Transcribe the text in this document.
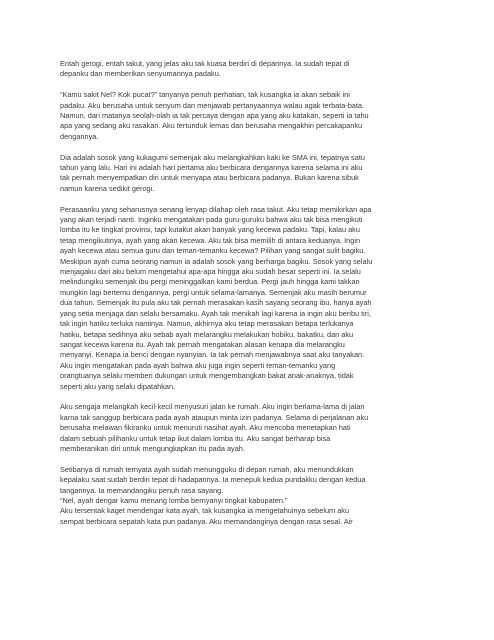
Entah gerogi, entah takut, yang jelas aku tak kuasa berdiri di depannya. Ia sudah tepat di
depanku dan memberikan senyumannya padaku.

“Kamu sakit Nel? Kok pucat?” tanyanya penuh perhatian, tak kusangka ia akan sebaik ini
padaku. Aku berusaha untuk senyum dan menjawab pertanyaannya walau agak terbata-bata.
Namun, dari matanya seolah-olah ia tak percaya dengan apa yang aku katakan, seperti ia tahu
apa yang sedang aku rasakan. Aku tertunduk lemas dan berusaha mengakhiri percakapanku
dengannya.

Dia adalah sosok yang kukagumi semenjak aku melangkahkan kaki ke SMA ini, tepatnya satu
tahun yang lalu. Hari ini adalah hari pertama aku berbicara dengannya karena selama ini aku
tak pernah menyempatkan diri untuk menyapa atau berbicara padanya. Bukan karena sibuk
namun karena sedikit gerogi.

Perasaanku yang seharusnya senang lenyap dilahap oleh rasa takut. Aku tetap memikirkan apa
yang akan terjadi nanti. Inginku mengatakan pada guru-guruku bahwa aku tak bisa mengikuti
lomba itu ke tingkat provinsi, tapi kutakut akan banyak yang kecewa padaku. Tapi, kalau aku
tetap mengikutinya, ayah yang akan kecewa. Aku tak bisa memilih di antara keduanya. Ingin
ayah kecewa atau semua guru dan teman-temanku kecewa? Pilihan yang sangat sulit bagiku.
Meskipun ayah cuma seorang namun ia adalah sosok yang berharga bagiku. Sosok yang selalu
menjagaku dari aku belum mengetahui apa-apa hingga aku sudah besar seperti ini. Ia selalu
melindungiku semenjak ibu pergi meninggalkan kami berdua. Pergi jauh hingga kami takkan
mungkin lagi bertemu dengannya, pergi untuk selama-lamanya. Semenjak aku masih berumur
dua tahun. Semenjak itu pula aku tak pernah merasakan kasih sayang seorang ibu, hanya ayah
yang setia menjaga dan selalu bersamaku. Ayah tak menikah lagi karena ia ingin aku beribu tiri,
tak ingin hatiku terluka nantinya. Namun, akhirnya aku tetap merasakan betapa terlukanya
hatiku, betapa sedihnya aku sebab ayah melarangku melakukan hobiku, bakatku, dan aku
sangat kecewa karena itu. Ayah tak pernah mengatakan alasan kenapa dia melarangku
menyanyi. Kenapa ia benci dengan nyanyian. Ia tak pernah menjawabnya saat aku tanyakan.
Aku ingin mengatakan pada ayah bahwa aku juga ingin seperti teman-temanku yang
orangtuanya selalu memberi dukungan untuk mengembangkan bakat anak-anaknya, tidak
seperti aku yang selalu dipatahkan.

Aku sengaja melangkah kecil-kecil menyusuri jalan ke rumah. Aku ingin berlama-lama di jalan
karna tak sanggup berbicara pada ayah ataupun minta izin padanya. Selama di perjalanan aku
berusaha melawan fikiranku untuk menuruti nasihat ayah. Aku mencoba menetapkan hati
dalam sebuah pilihanku untuk tetap ikut dalam lomba itu. Aku sangat berharap bisa
memberanikan diri untuk mengungkapkan itu pada ayah.

Setibanya di rumah ternyata ayah sudah menungguku di depan rumah, aku menundukkan
kepalaku saat sudah berdiri tepat di hadapannya. Ia menepuk kedua pundakku dengan kedua
tangannya. Ia memandangiku penuh rasa sayang.
“Nel, ayah dengar kamu menang lomba bernyanyi tingkat kabupaten.”
Aku tersentak kaget mendengar kata ayah, tak kusangka ia mengetahuinya sebelum aku
sempat berbicara sepatah kata pun padanya. Aku memandanginya dengan rasa sesal. Air
